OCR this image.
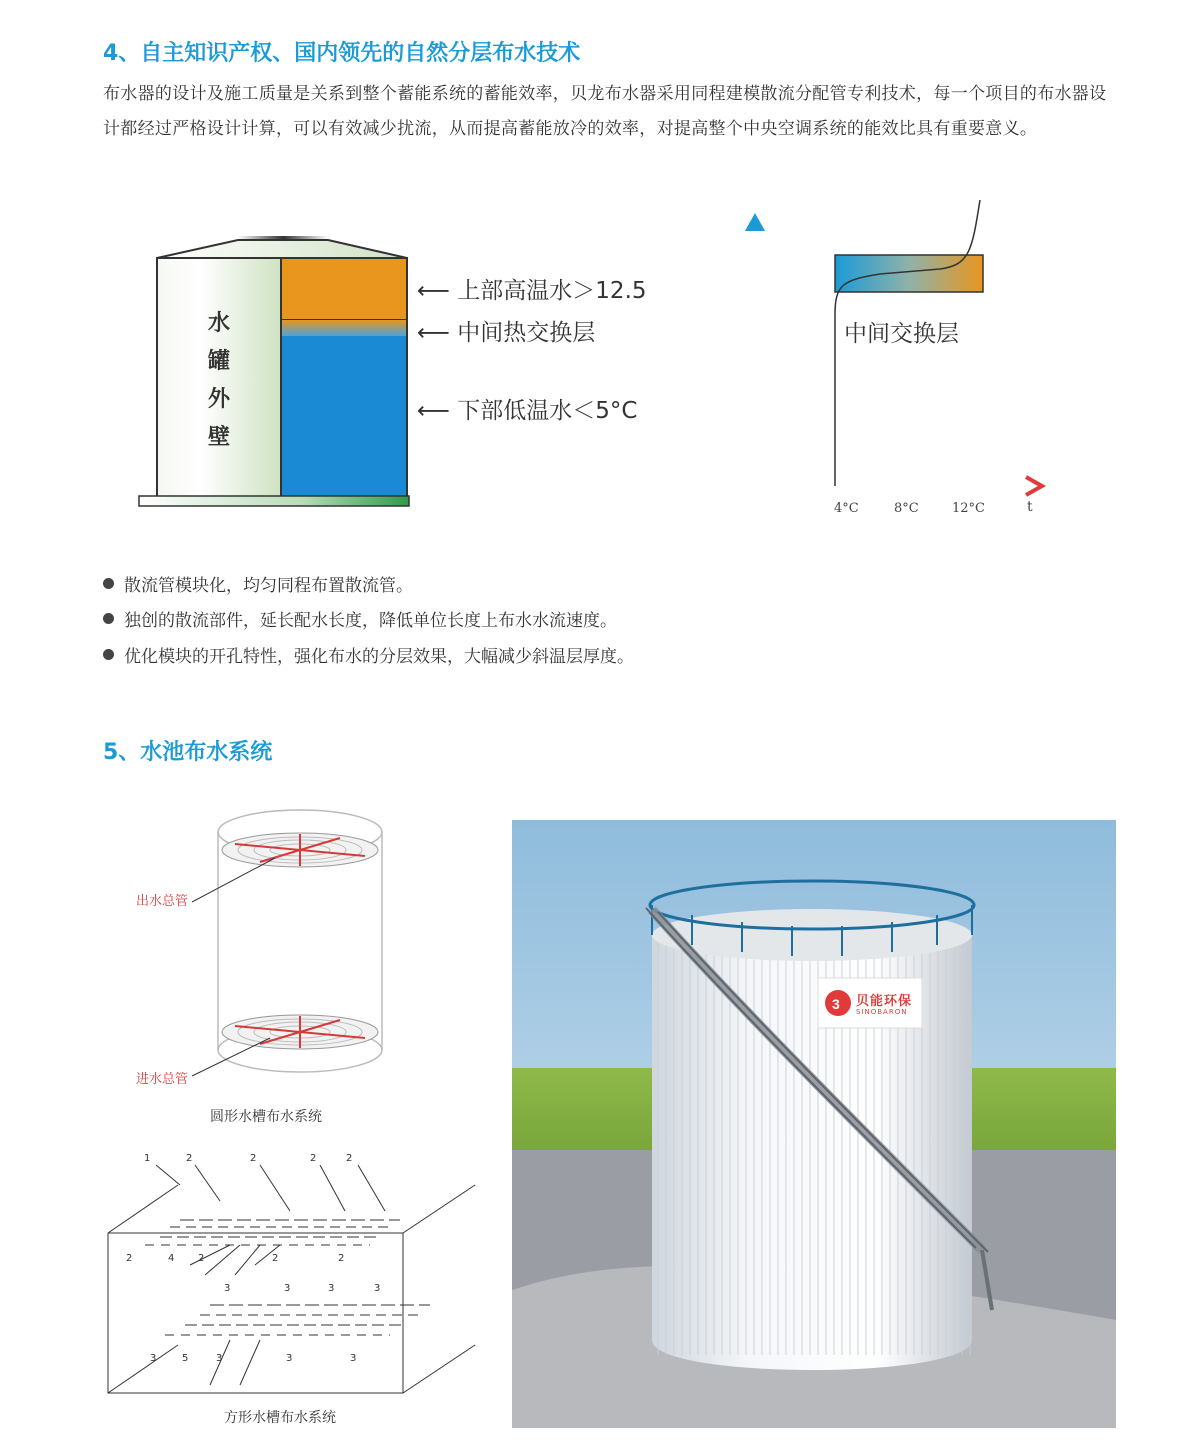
4、自主知识产权、国内领先的自然分层布水技术
布水器的设计及施工质量是关系到整个蓄能系统的蓄能效率，贝龙布水器采用同程建模散流分配管专利技术，每一个项目的布水器设计都经过严格设计计算，可以有效减少扰流，从而提高蓄能放冷的效率，对提高整个中央空调系统的能效比具有重要意义。
水
罐
外
壁
⟵ 上部高温水＞12.5
⟵ 中间热交换层
⟵ 下部低温水＜5°C
中间交换层
4°C	8°C	12°C	t
散流管模块化，均匀同程布置散流管。
独创的散流部件，延长配水长度，降低单位长度上布水水流速度。
优化模块的开孔特性，强化布水的分层效果，大幅减少斜温层厚度。
5、水池布水系统
出水总管
进水总管
圆形水槽布水系统
1	2	2	2	2
2	4 2	2	2
3	3	3	3
3	5	3	3	3
方形水槽布水系统
3 贝能环保
SINOBARON
